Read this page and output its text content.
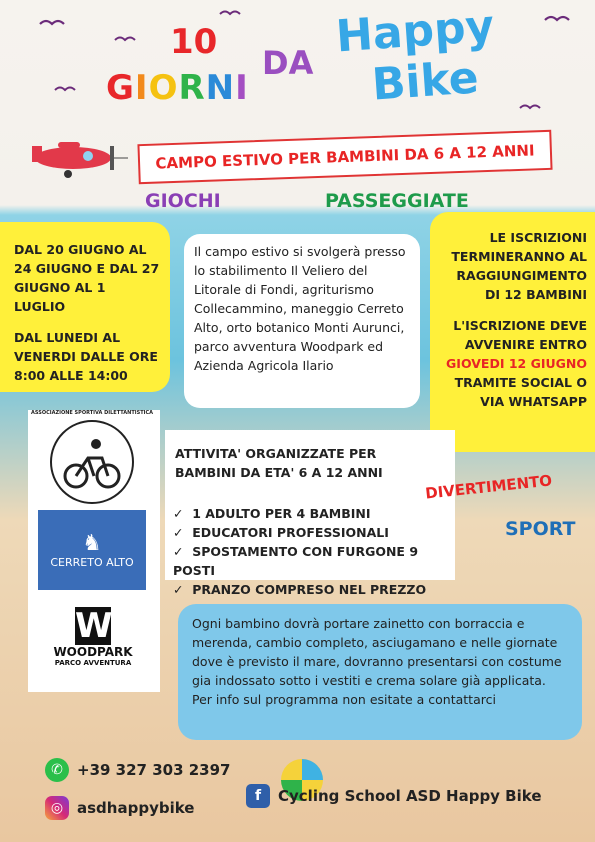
10
GIORNI
DA
Happy
Bike
CAMPO ESTIVO PER BAMBINI DA 6 A 12 ANNI
GIOCHI	PASSEGGIATE

DAL 20 GIUGNO AL 24 GIUGNO E DAL 27 GIUGNO AL 1 LUGLIO

DAL LUNEDI AL VENERDI DALLE ORE 8:00 ALLE 14:00

Il campo estivo si svolgerà presso lo stabilimento Il Veliero del Litorale di Fondi, agriturismo Collecammino, maneggio Cerreto Alto, orto botanico Monti Aurunci, parco avventura Woodpark ed Azienda Agricola Ilario

LE ISCRIZIONI TERMINERANNO AL RAGGIUNGIMENTO DI 12 BAMBINI

L'ISCRIZIONE DEVE AVVENIRE ENTRO GIOVEDI 12 GIUGNO TRAMITE SOCIAL O VIA WHATSAPP

ASSOCIAZIONE SPORTIVA DILETTANTISTICA
♞
CERRETO ALTO
W
WOODPARK
PARCO AVVENTURA
ATTIVITA' ORGANIZZATE PER BAMBINI DA ETA' 6 A 12 ANNI
✓  1 ADULTO PER 4 BAMBINI
✓  EDUCATORI PROFESSIONALI
✓  SPOSTAMENTO CON FURGONE 9 POSTI
✓  PRANZO COMPRESO NEL PREZZO
DIVERTIMENTO
SPORT

Ogni bambino dovrà portare zainetto con borraccia e merenda, cambio completo, asciugamano e nelle giornate dove è previsto il mare, dovranno presentarsi con costume gia indossato sotto i vestiti e crema solare già applicata.

Per info sul programma non esitate a contattarci

✆ +39 327 303 2397
◎ asdhappybike
f	Cycling School ASD Happy Bike
